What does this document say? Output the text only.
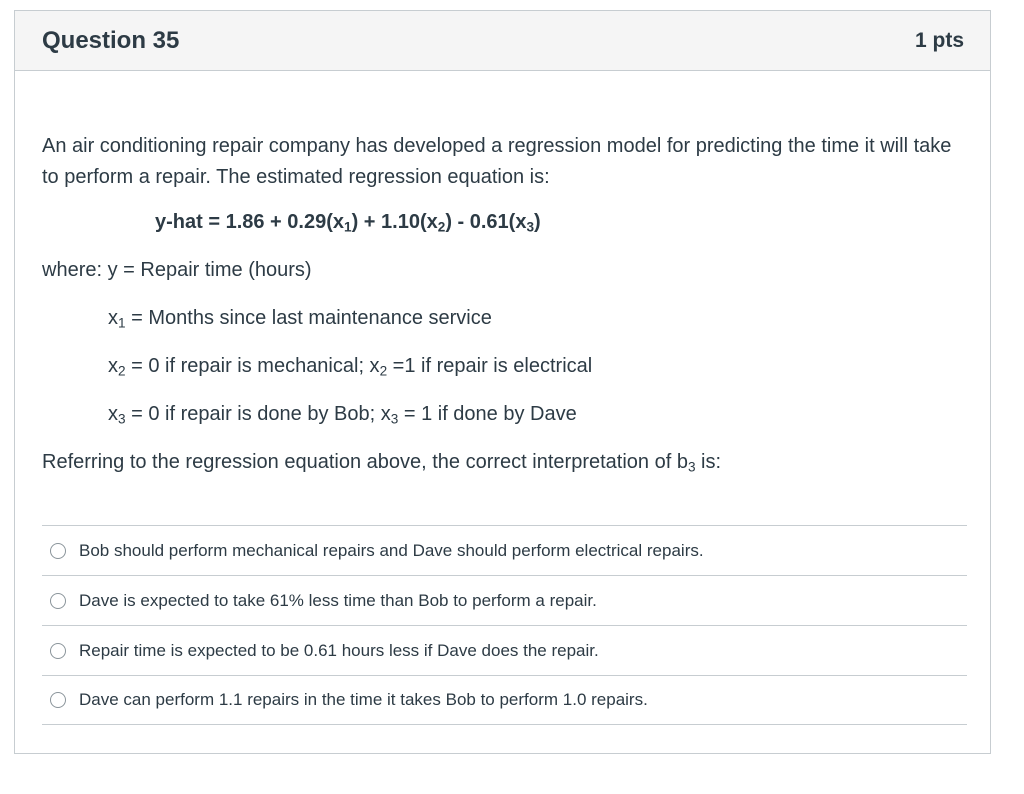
Question 35	1 pts
An air conditioning repair company has developed a regression model for predicting the time it will take to perform a repair. The estimated regression equation is:
$y-hat = 1.86 + 0.29(x_1) + 1.10(x_2) - 0.61(x_3)$
where: y = Repair time (hours)
$x_1$ = Months since last maintenance service
$x_2 = 0$ if repair is mechanical; $x_2 =1$ if repair is electrical
$x_3 = 0$ if repair is done by Bob; $x_3 = 1$ if done by Dave
Referring to the regression equation above, the correct interpretation of $b_3$ is:
Bob should perform mechanical repairs and Dave should perform electrical repairs.
Dave is expected to take 61% less time than Bob to perform a repair.
Repair time is expected to be 0.61 hours less if Dave does the repair.
Dave can perform 1.1 repairs in the time it takes Bob to perform 1.0 repairs.
